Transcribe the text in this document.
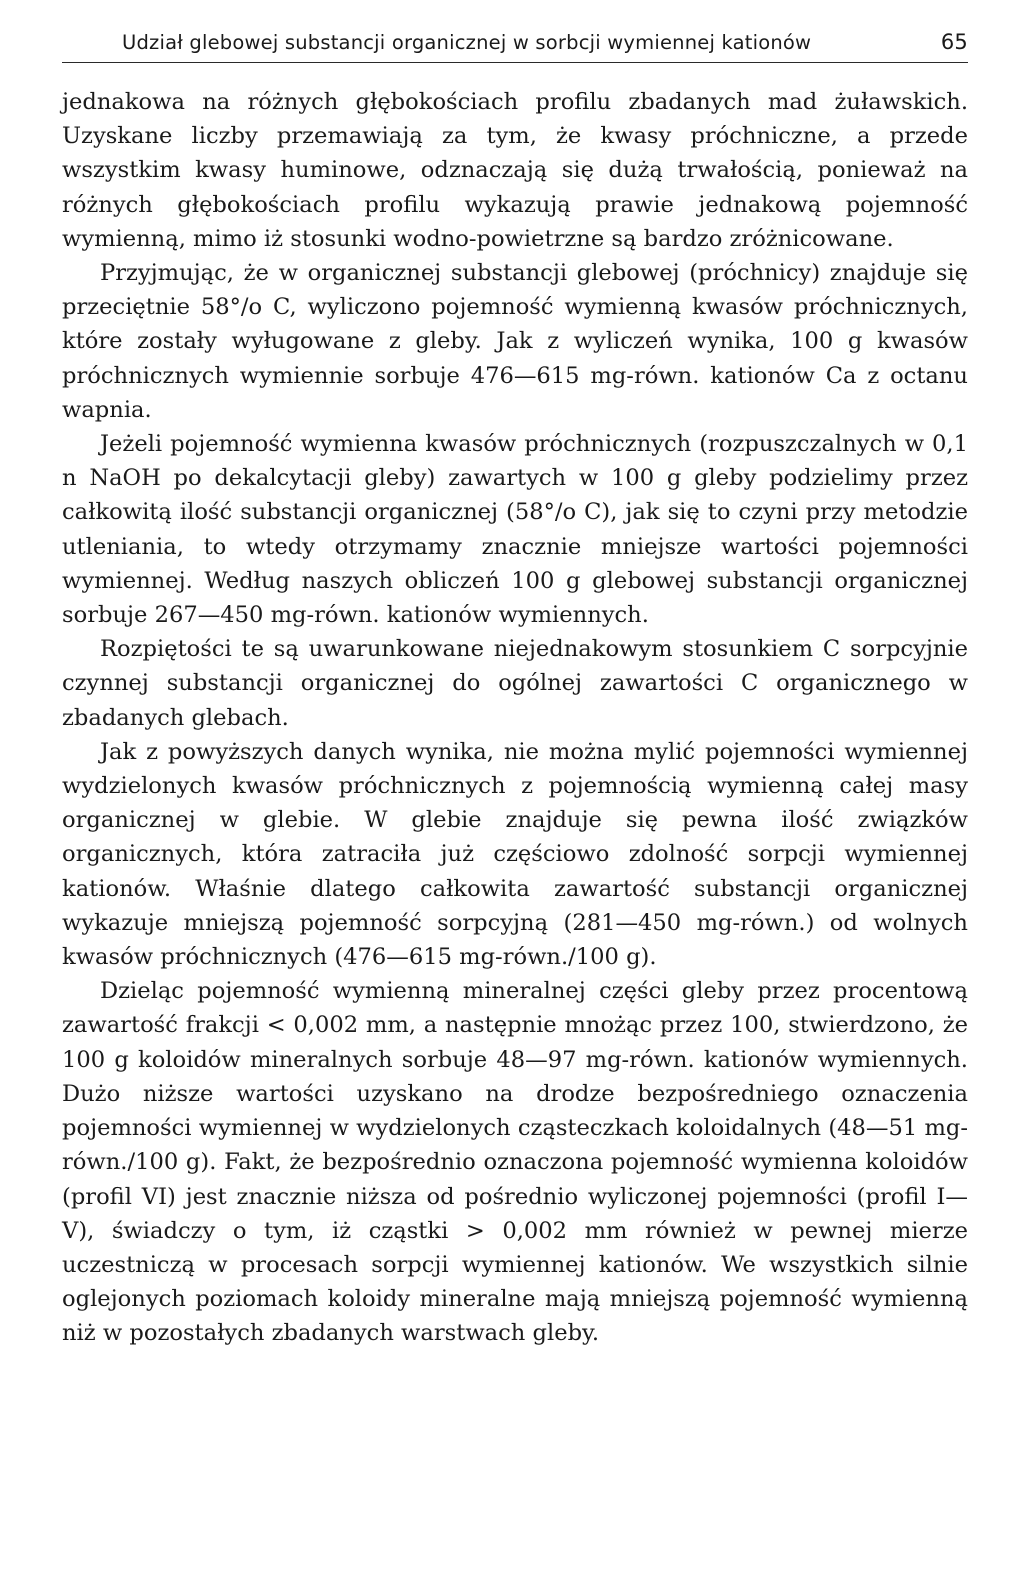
Udział glebowej substancji organicznej w sorbcji wymiennej kationów	65

jednakowa na różnych głębokościach profilu zbadanych mad żuławskich. Uzyskane liczby przemawiają za tym, że kwasy próchniczne, a przede wszystkim kwasy huminowe, odznaczają się dużą trwałością, ponieważ na różnych głębokościach profilu wykazują prawie jednakową pojemność wymienną, mimo iż stosunki wodno-powietrzne są bardzo zróżnicowane.

Przyjmując, że w organicznej substancji glebowej (próchnicy) znajduje się przeciętnie 58°/o C, wyliczono pojemność wymienną kwasów próchnicznych, które zostały wyługowane z gleby. Jak z wyliczeń wynika, 100 g kwasów próchnicznych wymiennie sorbuje 476—615 mg-równ. kationów Ca z octanu wapnia.

Jeżeli pojemność wymienna kwasów próchnicznych (rozpuszczalnych w 0,1 n NaOH po dekalcytacji gleby) zawartych w 100 g gleby podzielimy przez całkowitą ilość substancji organicznej (58°/o C), jak się to czyni przy metodzie utleniania, to wtedy otrzymamy znacznie mniejsze wartości pojemności wymiennej. Według naszych obliczeń 100 g glebowej substancji organicznej sorbuje 267—450 mg-równ. kationów wymiennych.

Rozpiętości te są uwarunkowane niejednakowym stosunkiem C sorpcyjnie czynnej substancji organicznej do ogólnej zawartości C organicznego w zbadanych glebach.

Jak z powyższych danych wynika, nie można mylić pojemności wymiennej wydzielonych kwasów próchnicznych z pojemnością wymienną całej masy organicznej w glebie. W glebie znajduje się pewna ilość związków organicznych, która zatraciła już częściowo zdolność sorpcji wymiennej kationów. Właśnie dlatego całkowita zawartość substancji organicznej wykazuje mniejszą pojemność sorpcyjną (281—450 mg-równ.) od wolnych kwasów próchnicznych (476—615 mg-równ./100 g).

Dzieląc pojemność wymienną mineralnej części gleby przez procentową zawartość frakcji < 0,002 mm, a następnie mnożąc przez 100, stwierdzono, że 100 g koloidów mineralnych sorbuje 48—97 mg-równ. kationów wymiennych. Dużo niższe wartości uzyskano na drodze bezpośredniego oznaczenia pojemności wymiennej w wydzielonych cząsteczkach koloidalnych (48—51 mg-równ./100 g). Fakt, że bezpośrednio oznaczona pojemność wymienna koloidów (profil VI) jest znacznie niższa od pośrednio wyliczonej pojemności (profil I—V), świadczy o tym, iż cząstki > 0,002 mm również w pewnej mierze uczestniczą w procesach sorpcji wymiennej kationów. We wszystkich silnie oglejonych poziomach koloidy mineralne mają mniejszą pojemność wymienną niż w pozostałych zbadanych warstwach gleby.
